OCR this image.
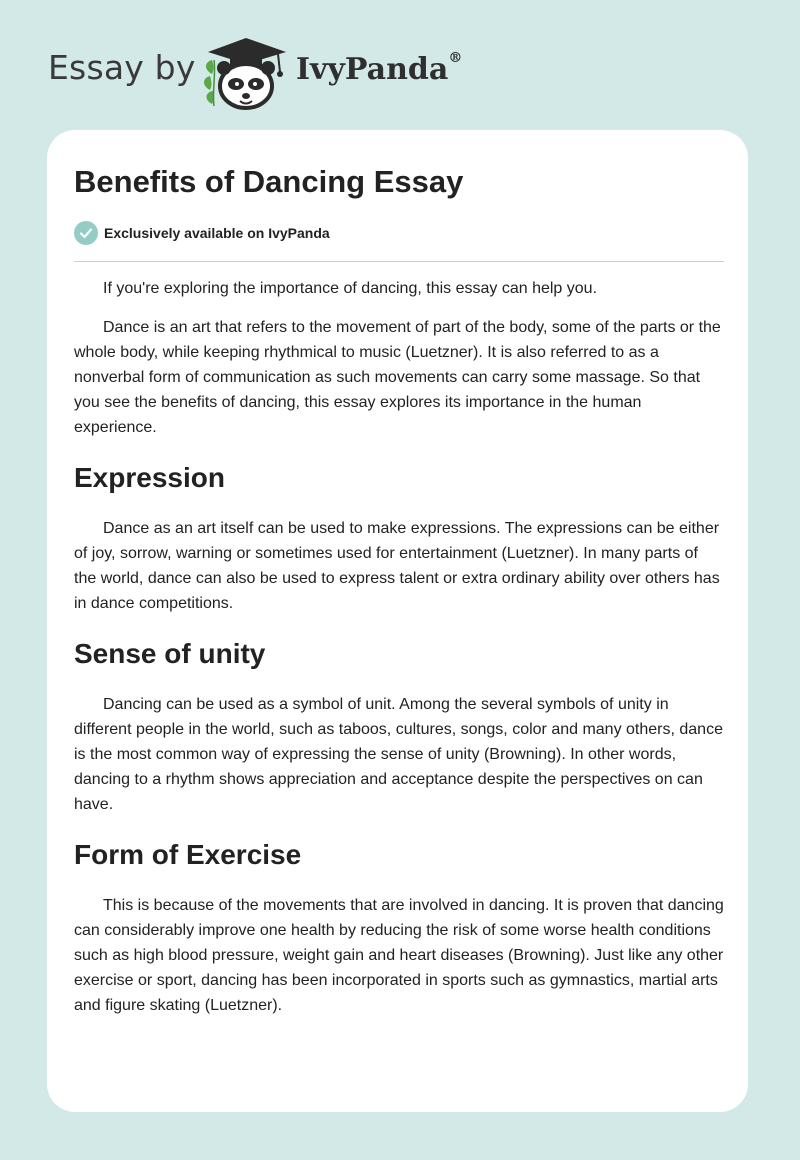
Essay by	IvyPanda®
Benefits of Dancing Essay
Exclusively available on IvyPanda

If you're exploring the importance of dancing, this essay can help you.

Dance is an art that refers to the movement of part of the body, some of the parts or the whole body, while keeping rhythmical to music (Luetzner). It is also referred to as a nonverbal form of communication as such movements can carry some massage. So that you see the benefits of dancing, this essay explores its importance in the human experience.

Expression

Dance as an art itself can be used to make expressions. The expressions can be either of joy, sorrow, warning or sometimes used for entertainment (Luetzner). In many parts of the world, dance can also be used to express talent or extra ordinary ability over others has in dance competitions.

Sense of unity

Dancing can be used as a symbol of unit. Among the several symbols of unity in different people in the world, such as taboos, cultures, songs, color and many others, dance is the most common way of expressing the sense of unity (Browning). In other words, dancing to a rhythm shows appreciation and acceptance despite the perspectives on can have.

Form of Exercise

This is because of the movements that are involved in dancing. It is proven that dancing can considerably improve one health by reducing the risk of some worse health conditions such as high blood pressure, weight gain and heart diseases (Browning). Just like any other exercise or sport, dancing has been incorporated in sports such as gymnastics, martial arts and figure skating (Luetzner).
